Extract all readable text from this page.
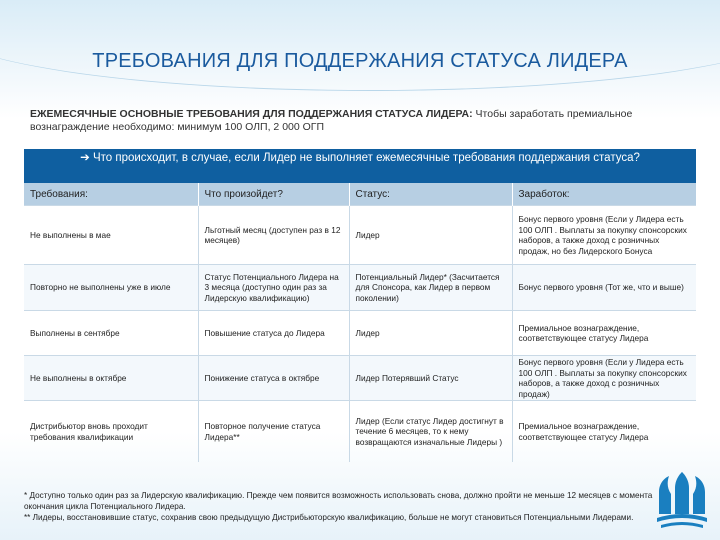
ТРЕБОВАНИЯ ДЛЯ ПОДДЕРЖАНИЯ СТАТУСА ЛИДЕРА
ЕЖЕМЕСЯЧНЫЕ ОСНОВНЫЕ ТРЕБОВАНИЯ ДЛЯ ПОДДЕРЖАНИЯ СТАТУСА ЛИДЕРА: Чтобы заработать премиальное вознаграждение необходимо: минимум 100 ОЛП, 2 000 ОГП
➔ Что происходит, в случае, если Лидер не выполняет ежемесячные требования поддержания статуса?
Требования:	Что произойдет?	Статус:	Заработок:
Не выполнены в мае	Льготный месяц (доступен раз в 12 месяцев)	Лидер	Бонус первого уровня (Если у Лидера есть 100 ОЛП . Выплаты за покупку спонсорских наборов, а также доход с розничных продаж, но без Лидерского Бонуса
Повторно не выполнены уже в июле	Статус Потенциального Лидера на 3 месяца (доступно один раз за Лидерскую квалификацию)	Потенциальный Лидер* (Засчитается для Спонсора, как Лидер в первом поколении)	Бонус первого уровня (Тот же, что и выше)
Выполнены в сентябре	Повышение статуса до Лидера	Лидер	Премиальное вознаграждение, соответствующее статусу Лидера
Не выполнены в октябре	Понижение статуса в октябре	Лидер Потерявший Статус	Бонус первого уровня (Если у Лидера есть 100 ОЛП . Выплаты за покупку спонсорских наборов, а также доход с розничных продаж)
Дистрибьютор вновь проходит требования квалификации	Повторное получение статуса Лидера**	Лидер (Если статус Лидер достигнут в течение 6 месяцев, то к нему возвращаются изначальные Лидеры )	Премиальное вознаграждение, соответствующее статусу Лидера
* Доступно только один раз за Лидерскую квалификацию. Прежде чем появится возможность использовать снова, должно пройти не меньше 12 месяцев с момента окончания цикла Потенциального Лидера.
** Лидеры, восстановившие статус, сохранив свою предыдущую Дистрибьюторскую квалификацию, больше не могут становиться Потенциальными Лидерами.
